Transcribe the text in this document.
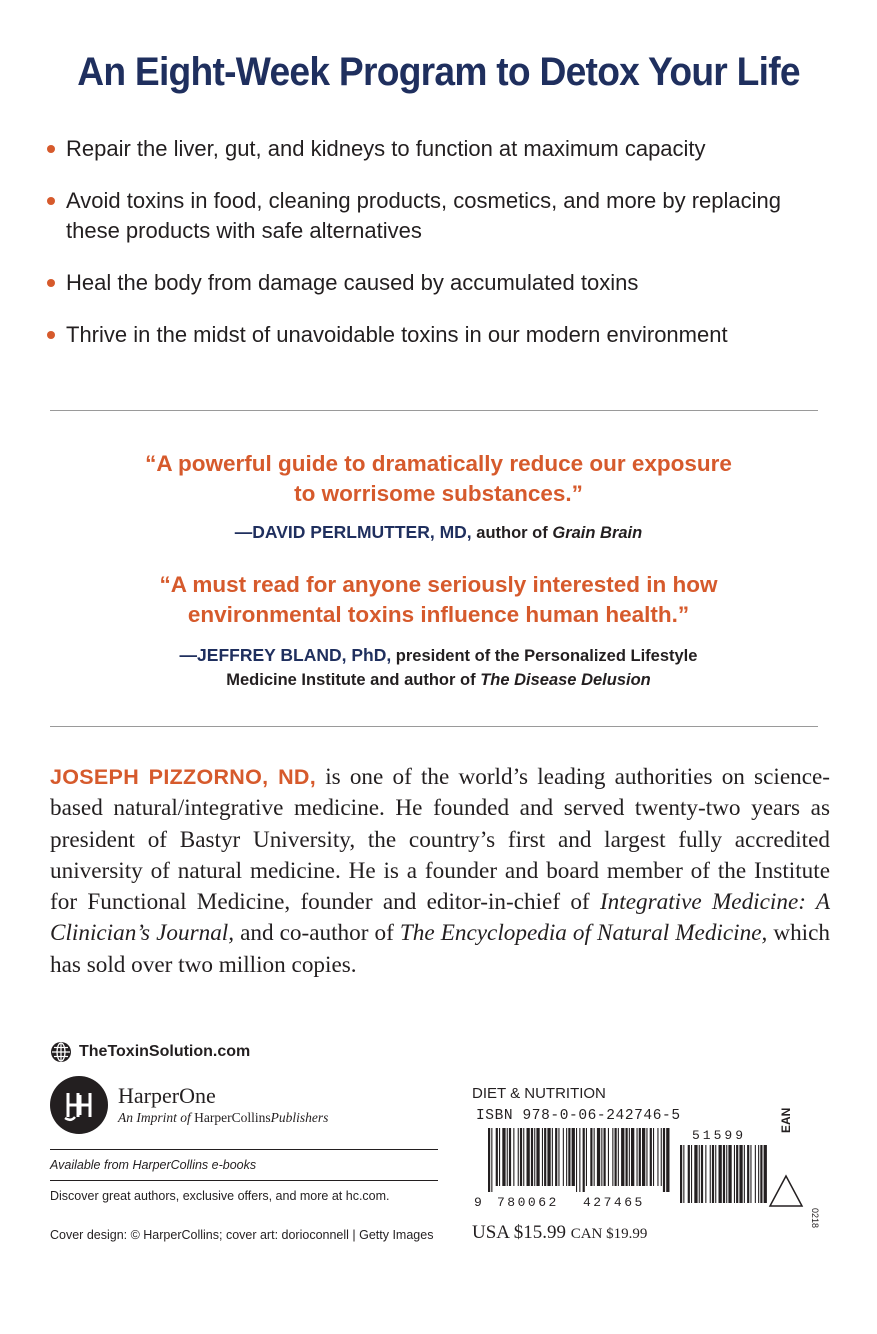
An Eight-Week Program to Detox Your Life
Repair the liver, gut, and kidneys to function at maximum capacity
Avoid toxins in food, cleaning products, cosmetics, and more by replacing these products with safe alternatives
Heal the body from damage caused by accumulated toxins
Thrive in the midst of unavoidable toxins in our modern environment
“A powerful guide to dramatically reduce our exposure
to worrisome substances.”
—DAVID PERLMUTTER, MD, author of Grain Brain
“A must read for anyone seriously interested in how
environmental toxins influence human health.”
—JEFFREY BLAND, PhD, president of the Personalized Lifestyle
Medicine Institute and author of The Disease Delusion
JOSEPH PIZZORNO, ND, is one of the world’s leading authorities on science-based natural/integrative medicine. He founded and served twenty-two years as president of Bastyr University, the country’s first and largest fully accredited university of natural medicine. He is a founder and board member of the Institute for Functional Medicine, founder and editor-in-chief of Integrative Medicine: A Clinician’s Journal, and co-author of The Encyclopedia of Natural Medicine, which has sold over two million copies.
TheToxinSolution.com
HarperOne
An Imprint of HarperCollinsPublishers
Available from HarperCollins e-books
Discover great authors, exclusive offers, and more at hc.com.
Cover design: © HarperCollins; cover art: dorioconnell | Getty Images
DIET & NUTRITION
ISBN 978-0-06-242746-5
9 780062 427465
51599
EAN
0218
USA $15.99 CAN $19.99
